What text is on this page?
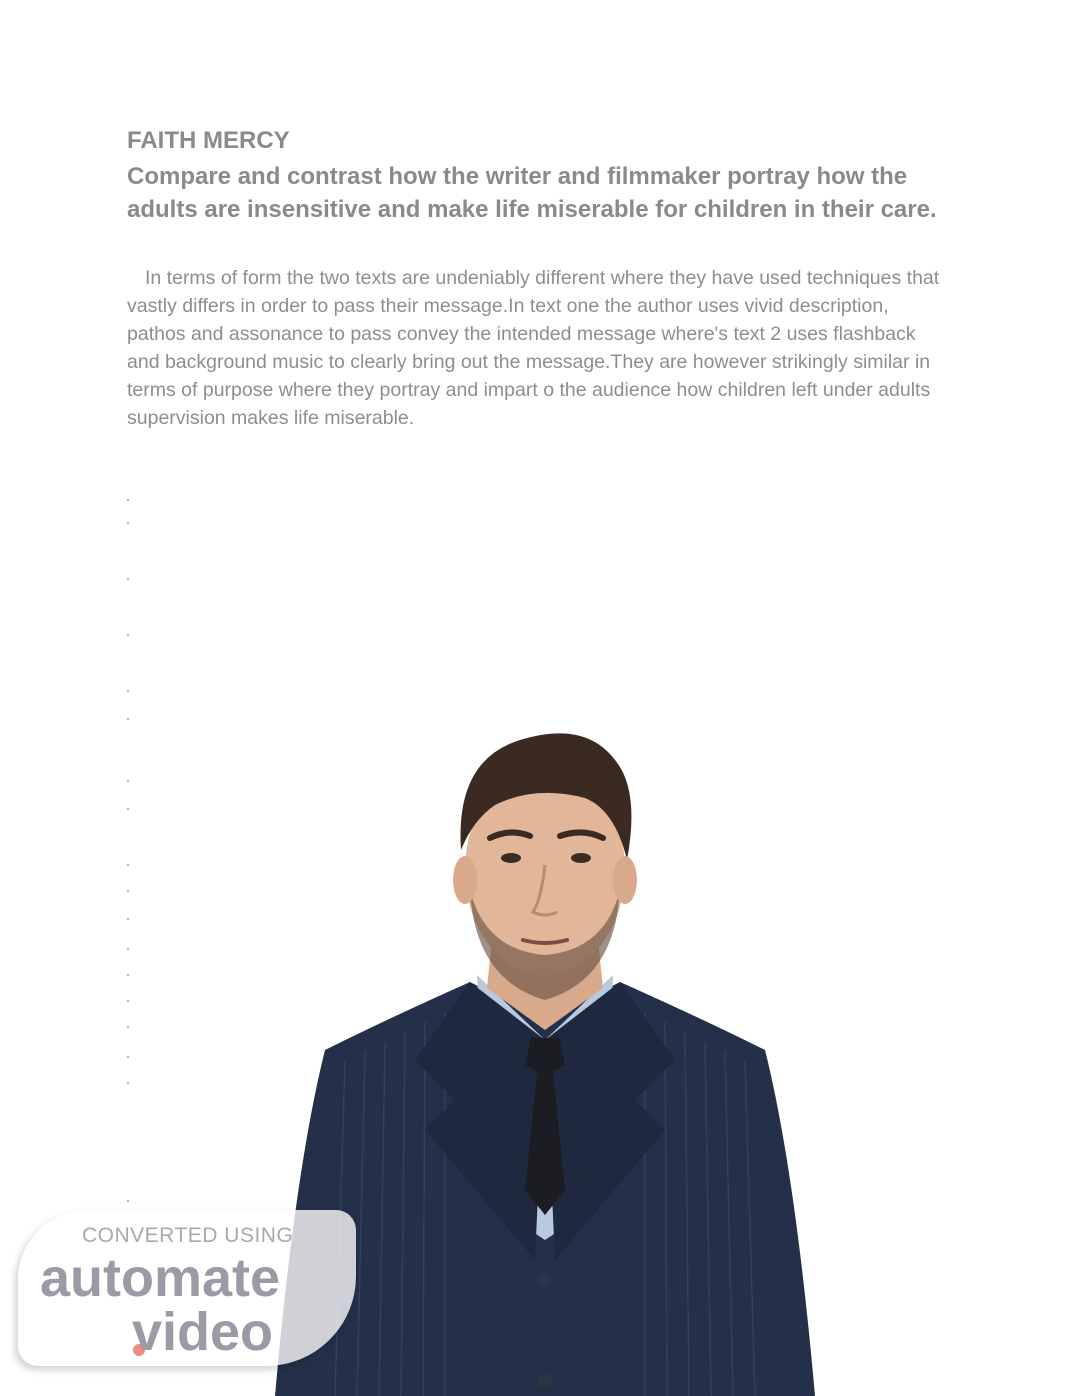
FAITH MERCY

Compare and contrast how the writer and filmmaker portray how the adults are insensitive and make life miserable for children in their care.

In terms of form the two texts are undeniably different where they have used techniques that vastly differs in order to pass their message.In text one the author uses vivid description, pathos and assonance to pass convey the intended message where's text 2 uses flashback and background music to clearly bring out the message.They are however strikingly similar in terms of purpose where they portray and impart o the audience how children left under adults supervision makes life miserable.

CONVERTED USING
automate
video
